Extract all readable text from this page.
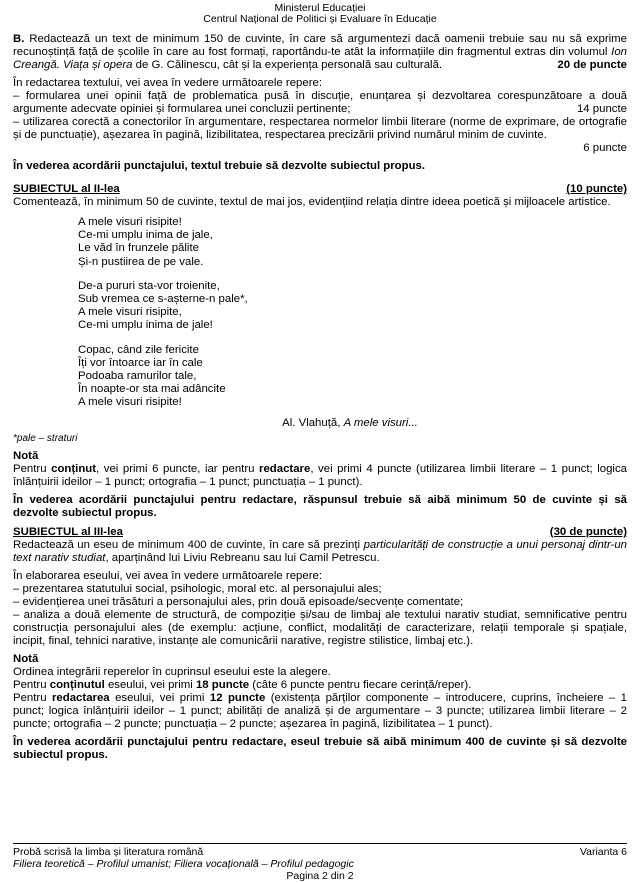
Ministerul Educației
Centrul Național de Politici și Evaluare în Educație

B. Redactează un text de minimum 150 de cuvinte, în care să argumentezi dacă oamenii trebuie sau nu să exprime recunoștință față de școlile în care au fost formați, raportându-te atât la informațiile din fragmentul extras din volumul Ion Creangă. Viața și opera de G. Călinescu, cât și la experiența personală sau culturală.	20 de puncte

În redactarea textului, vei avea în vedere următoarele repere:

– formularea unei opinii față de problematica pusă în discuție, enunțarea și dezvoltarea corespunzătoare a două argumente adecvate opiniei și formularea unei concluzii pertinente;	14 puncte

– utilizarea corectă a conectorilor în argumentare, respectarea normelor limbii literare (norme de exprimare, de ortografie și de punctuație), așezarea în pagină, lizibilitatea, respectarea precizării privind numărul minim de cuvinte.

6 puncte

În vederea acordării punctajului, textul trebuie să dezvolte subiectul propus.

SUBIECTUL al II-lea	(10 puncte)

Comentează, în minimum 50 de cuvinte, textul de mai jos, evidențiind relația dintre ideea poetică și mijloacele artistice.

A mele visuri risipite!
Ce-mi umplu inima de jale,
Le văd în frunzele pălite
Și-n pustiirea de pe vale.
De-a pururi sta-vor troienite,
Sub vremea ce s-așterne-n pale*,
A mele visuri risipite,
Ce-mi umplu inima de jale!
Copac, când zile fericite
Îți vor întoarce iar în cale
Podoaba ramurilor tale,
În noapte-or sta mai adâncite
A mele visuri risipite!
Al. Vlahuță, A mele visuri...
*pale – straturi

Notă

Pentru conținut, vei primi 6 puncte, iar pentru redactare, vei primi 4 puncte (utilizarea limbii literare – 1 punct; logica înlănțuirii ideilor – 1 punct; ortografia – 1 punct; punctuația – 1 punct).

În vederea acordării punctajului pentru redactare, răspunsul trebuie să aibă minimum 50 de cuvinte și să dezvolte subiectul propus.

SUBIECTUL al III-lea	(30 de puncte)

Redactează un eseu de minimum 400 de cuvinte, în care să prezinți particularități de construcție a unui personaj dintr-un text narativ studiat, aparținând lui Liviu Rebreanu sau lui Camil Petrescu.

În elaborarea eseului, vei avea în vedere următoarele repere:

– prezentarea statutului social, psihologic, moral etc. al personajului ales;

– evidențierea unei trăsături a personajului ales, prin două episoade/secvențe comentate;

– analiza a două elemente de structură, de compoziție și/sau de limbaj ale textului narativ studiat, semnificative pentru construcția personajului ales (de exemplu: acțiune, conflict, modalități de caracterizare, relații temporale și spațiale, incipit, final, tehnici narative, instanțe ale comunicării narative, registre stilistice, limbaj etc.).

Notă

Ordinea integrării reperelor în cuprinsul eseului este la alegere.

Pentru conținutul eseului, vei primi 18 puncte (câte 6 puncte pentru fiecare cerință/reper).

Pentru redactarea eseului, vei primi 12 puncte (existența părților componente – introducere, cuprins, încheiere – 1 punct; logica înlănțuirii ideilor – 1 punct; abilități de analiză și de argumentare – 3 puncte; utilizarea limbii literare – 2 puncte; ortografia – 2 puncte; punctuația – 2 puncte; așezarea în pagină, lizibilitatea – 1 punct).

În vederea acordării punctajului pentru redactare, eseul trebuie să aibă minimum 400 de cuvinte și să dezvolte subiectul propus.

Probă scrisă la limba și literatura română	Varianta 6
Filiera teoretică – Profilul umanist; Filiera vocațională – Profilul pedagogic
Pagina 2 din 2
